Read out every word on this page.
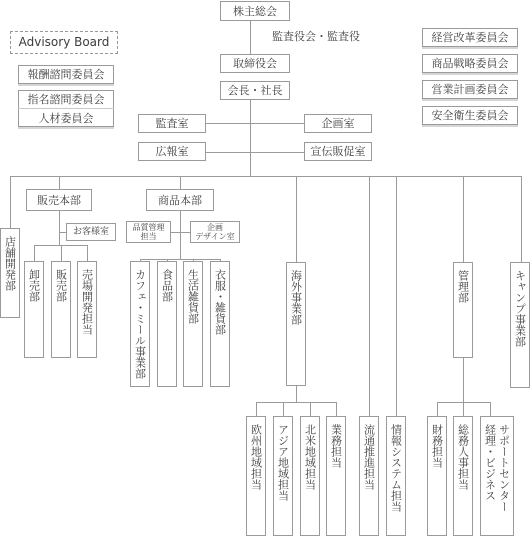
株主総会
監査役会・監査役
取締役会
会長・社長
監査室	企画室
広報室	宣伝販促室
Advisory Board
報酬諮問委員会
指名諮問委員会
人材委員会
経営改革委員会
商品戦略委員会
営業計画委員会
安全衛生委員会
販売本部
お客様室
商品本部
品質管理
担当
企画
デザイン室
店舗開発部 卸売部 販売部 売場開発担当	カフェ・ミール事業部 食品部 生活雑貨部 衣服・雑貨部	海外事業部
欧州地域担当 アジア地域担当 北米地域担当 業務担当 流通推進担当 情報システム担当
管理部
財務担当 総務人事担当 経理・ビジネス サポートセンター
キャンプ事業部
